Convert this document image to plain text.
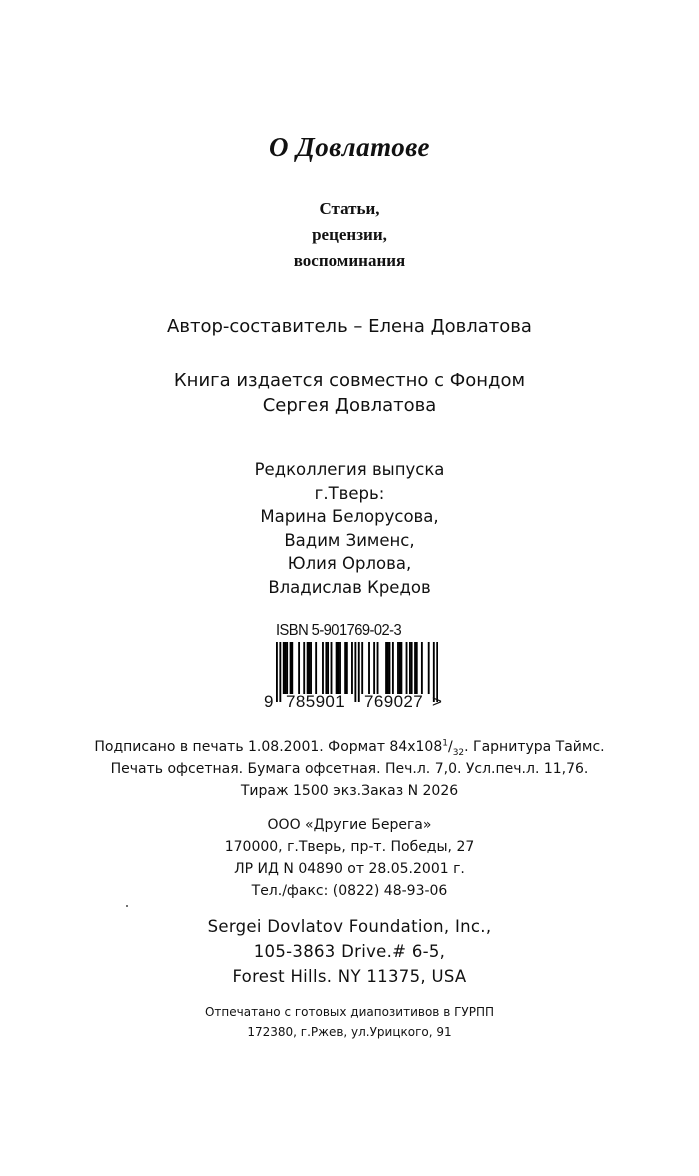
О Довлатове
Статьи,
рецензии,
воспоминания
Автор-составитель – Елена Довлатова
Книга издается совместно с Фондом
Сергея Довлатова
Редколлегия выпуска
г.Тверь:
Марина Белорусова,
Вадим Зименс,
Юлия Орлова,
Владислав Кредов
ISBN 5-901769-02-3
9 785901 769027 >
Подписано в печать 1.08.2001. Формат $84х108^1/_{32}$. Гарнитура Таймс.
Печать офсетная. Бумага офсетная. Печ.л. 7,0. Усл.печ.л. 11,76.
Тираж 1500 экз.Заказ N 2026
ООО «Другие Берега»
170000, г.Тверь, пр-т. Победы, 27
ЛР ИД N 04890 от 28.05.2001 г.
Тел./факс: (0822) 48-93-06
Sergei Dovlatov Foundation, Inc.,
105-3863 Drive.# 6-5,
Forest Hills. NY 11375, USA
Отпечатано с готовых диапозитивов в ГУРПП
172380, г.Ржев, ул.Урицкого, 91
